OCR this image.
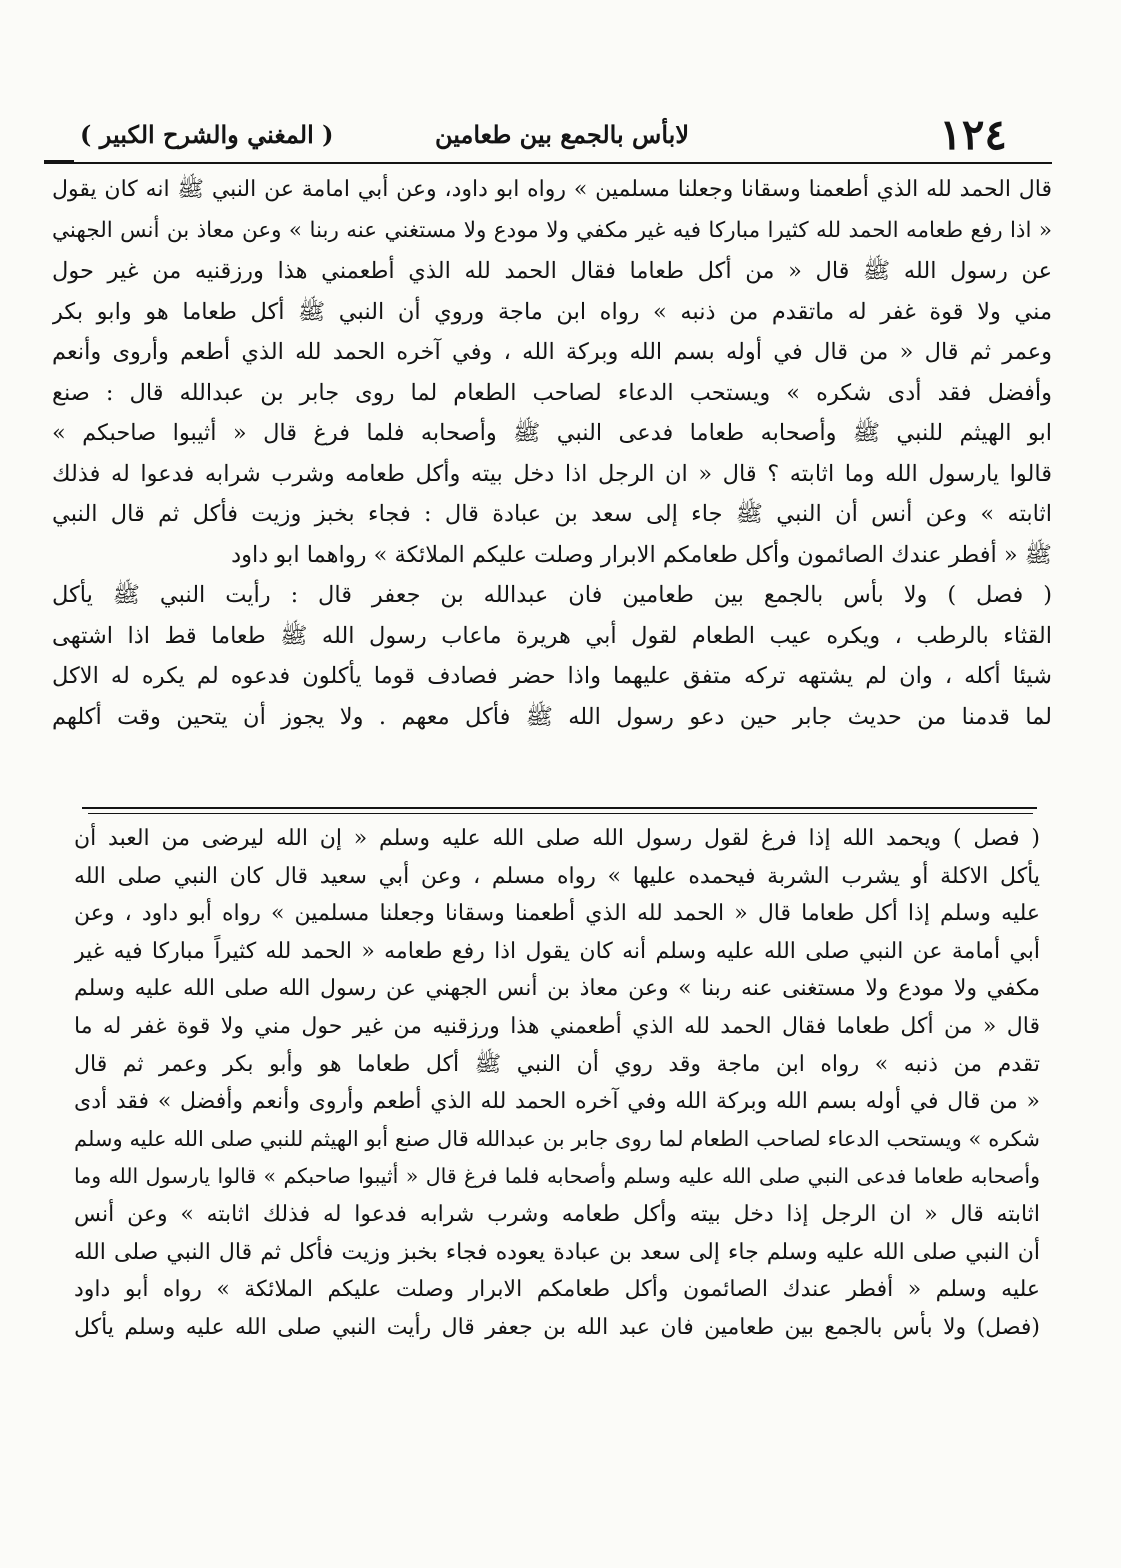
١٢٤
لابأس بالجمع بين طعامين
( المغني والشرح الكبير )
قال الحمد لله الذي أطعمنا وسقانا وجعلنا مسلمين » رواه ابو داود، وعن أبي امامة عن النبي ﷺ انه كان يقول
« اذا رفع طعامه الحمد لله كثيرا مباركا فيه غير مكفي ولا مودع ولا مستغني عنه ربنا » وعن معاذ بن أنس الجهني
عن رسول الله ﷺ قال « من أكل طعاما فقال الحمد لله الذي أطعمني هذا ورزقنيه من غير حول
مني ولا قوة غفر له ماتقدم من ذنبه » رواه ابن ماجة وروي أن النبي ﷺ أكل طعاما هو وابو بكر
وعمر ثم قال « من قال في أوله بسم الله وبركة الله ، وفي آخره الحمد لله الذي أطعم وأروى وأنعم
وأفضل فقد أدى شكره » ويستحب الدعاء لصاحب الطعام لما روى جابر بن عبدالله قال : صنع
ابو الهيثم للنبي ﷺ وأصحابه طعاما فدعى النبي ﷺ وأصحابه فلما فرغ قال « أثيبوا صاحبكم »
قالوا يارسول الله وما اثابته ؟ قال « ان الرجل اذا دخل بيته وأكل طعامه وشرب شرابه فدعوا له فذلك
اثابته » وعن أنس أن النبي ﷺ جاء إلى سعد بن عبادة قال : فجاء بخبز وزيت فأكل ثم قال النبي
ﷺ « أفطر عندك الصائمون وأكل طعامكم الابرار وصلت عليكم الملائكة » رواهما ابو داود
( فصل ) ولا بأس بالجمع بين طعامين فان عبدالله بن جعفر قال : رأيت النبي ﷺ يأكل
القثاء بالرطب ، ويكره عيب الطعام لقول أبي هريرة ماعاب رسول الله ﷺ طعاما قط اذا اشتهى
شيئا أكله ، وان لم يشتهه تركه متفق عليهما واذا حضر فصادف قوما يأكلون فدعوه لم يكره له الاكل
لما قدمنا من حديث جابر حين دعو رسول الله ﷺ فأكل معهم . ولا يجوز أن يتحين وقت أكلهم
( فصل ) ويحمد الله إذا فرغ لقول رسول الله صلى الله عليه وسلم « إن الله ليرضى من العبد أن
يأكل الاكلة أو يشرب الشربة فيحمده عليها » رواه مسلم ، وعن أبي سعيد قال كان النبي صلى الله
عليه وسلم إذا أكل طعاما قال « الحمد لله الذي أطعمنا وسقانا وجعلنا مسلمين » رواه أبو داود ، وعن
أبي أمامة عن النبي صلى الله عليه وسلم أنه كان يقول اذا رفع طعامه « الحمد لله كثيراً مباركا فيه غير
مكفي ولا مودع ولا مستغنى عنه ربنا » وعن معاذ بن أنس الجهني عن رسول الله صلى الله عليه وسلم
قال « من أكل طعاما فقال الحمد لله الذي أطعمني هذا ورزقنيه من غير حول مني ولا قوة غفر له ما
تقدم من ذنبه » رواه ابن ماجة وقد روي أن النبي ﷺ أكل طعاما هو وأبو بكر وعمر ثم قال
« من قال في أوله بسم الله وبركة الله وفي آخره الحمد لله الذي أطعم وأروى وأنعم وأفضل » فقد أدى
شكره » ويستحب الدعاء لصاحب الطعام لما روى جابر بن عبدالله قال صنع أبو الهيثم للنبي صلى الله عليه وسلم
وأصحابه طعاما فدعى النبي صلى الله عليه وسلم وأصحابه فلما فرغ قال « أثيبوا صاحبكم » قالوا يارسول الله وما
اثابته قال « ان الرجل إذا دخل بيته وأكل طعامه وشرب شرابه فدعوا له فذلك اثابته » وعن أنس
أن النبي صلى الله عليه وسلم جاء إلى سعد بن عبادة يعوده فجاء بخبز وزيت فأكل ثم قال النبي صلى الله
عليه وسلم « أفطر عندك الصائمون وأكل طعامكم الابرار وصلت عليكم الملائكة » رواه أبو داود
(فصل) ولا بأس بالجمع بين طعامين فان عبد الله بن جعفر قال رأيت النبي صلى الله عليه وسلم يأكل
